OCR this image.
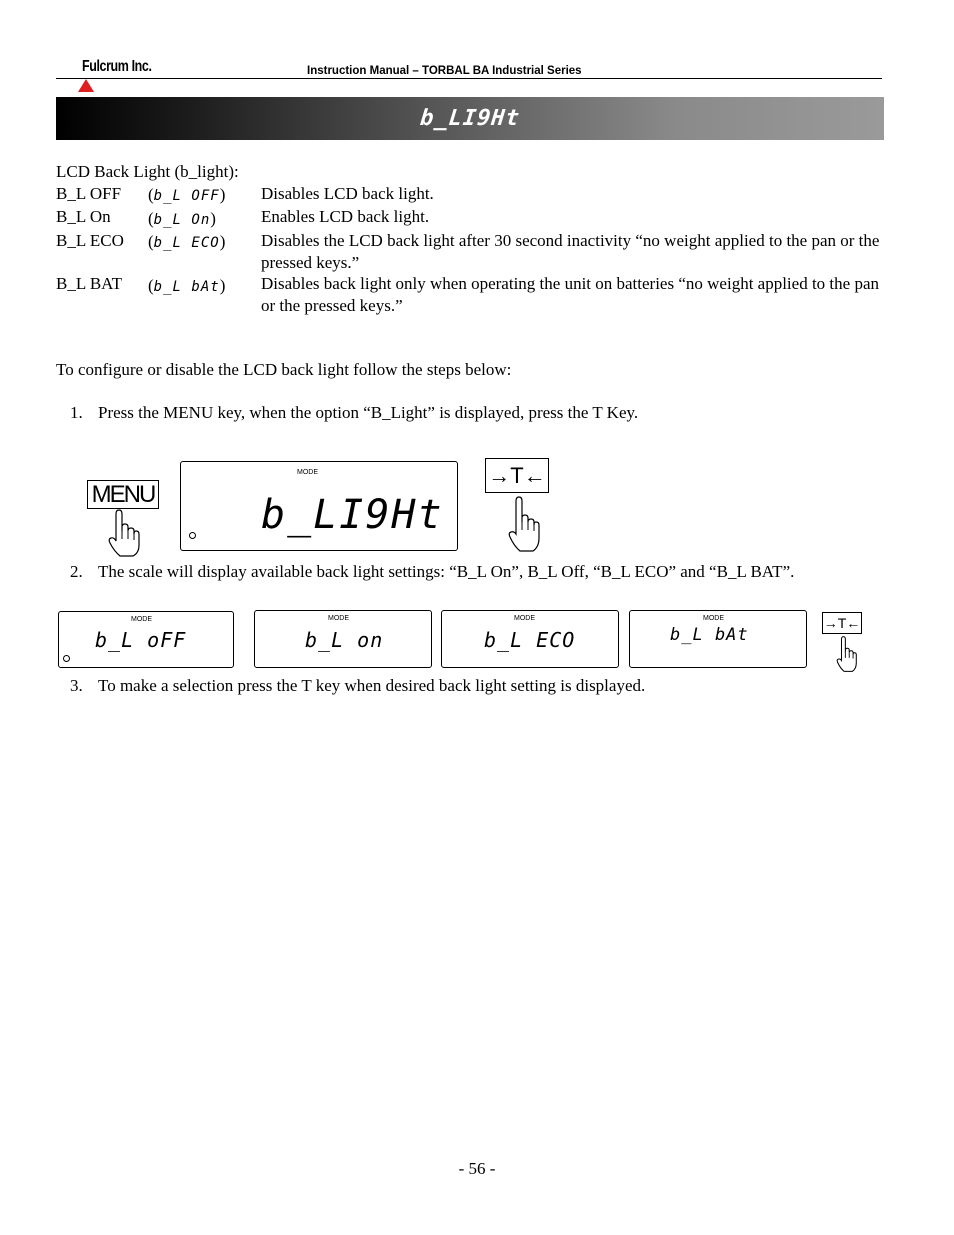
Fulcrum Inc.	Instruction Manual – TORBAL BA Industrial Series
b_LI9Ht
LCD Back Light (b_light):
B_L OFF (b_L OFF) Disables LCD back light.
B_L On (b_L On)	Enables LCD back light.
B_L ECO (b_L ECO) Disables the LCD back light after 30 second inactivity “no weight applied to the pan or the pressed keys.”
B_L BAT (b_L bAt) Disables back light only when operating the unit on batteries “no weight applied to the pan or the pressed keys.”
To configure or disable the LCD back light follow the steps below:
1. Press the MENU key, when the option “B_Light” is displayed, press the T Key.
MENU
MODE
b_LI9Ht
→T←
2. The scale will display available back light settings: “B_L On”, B_L Off, “B_L ECO” and “B_L BAT”.
MODE
b_L oFF
MODE
b_L on
MODE
b_L ECO
MODE
b_L bAt
→T←
3. To make a selection press the T key when desired back light setting is displayed.
- 56 -
